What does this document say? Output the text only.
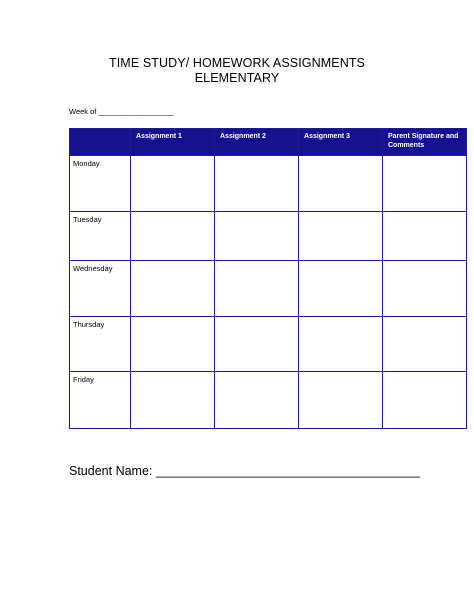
TIME STUDY/ HOMEWORK ASSIGNMENTS
ELEMENTARY
Week of __________________
	Assignment 1	Assignment 2	Assignment 3	Parent Signature and Comments
Monday				
Tuesday				
Wednesday				
Thursday				
Friday				
Student Name: ______________________________________
